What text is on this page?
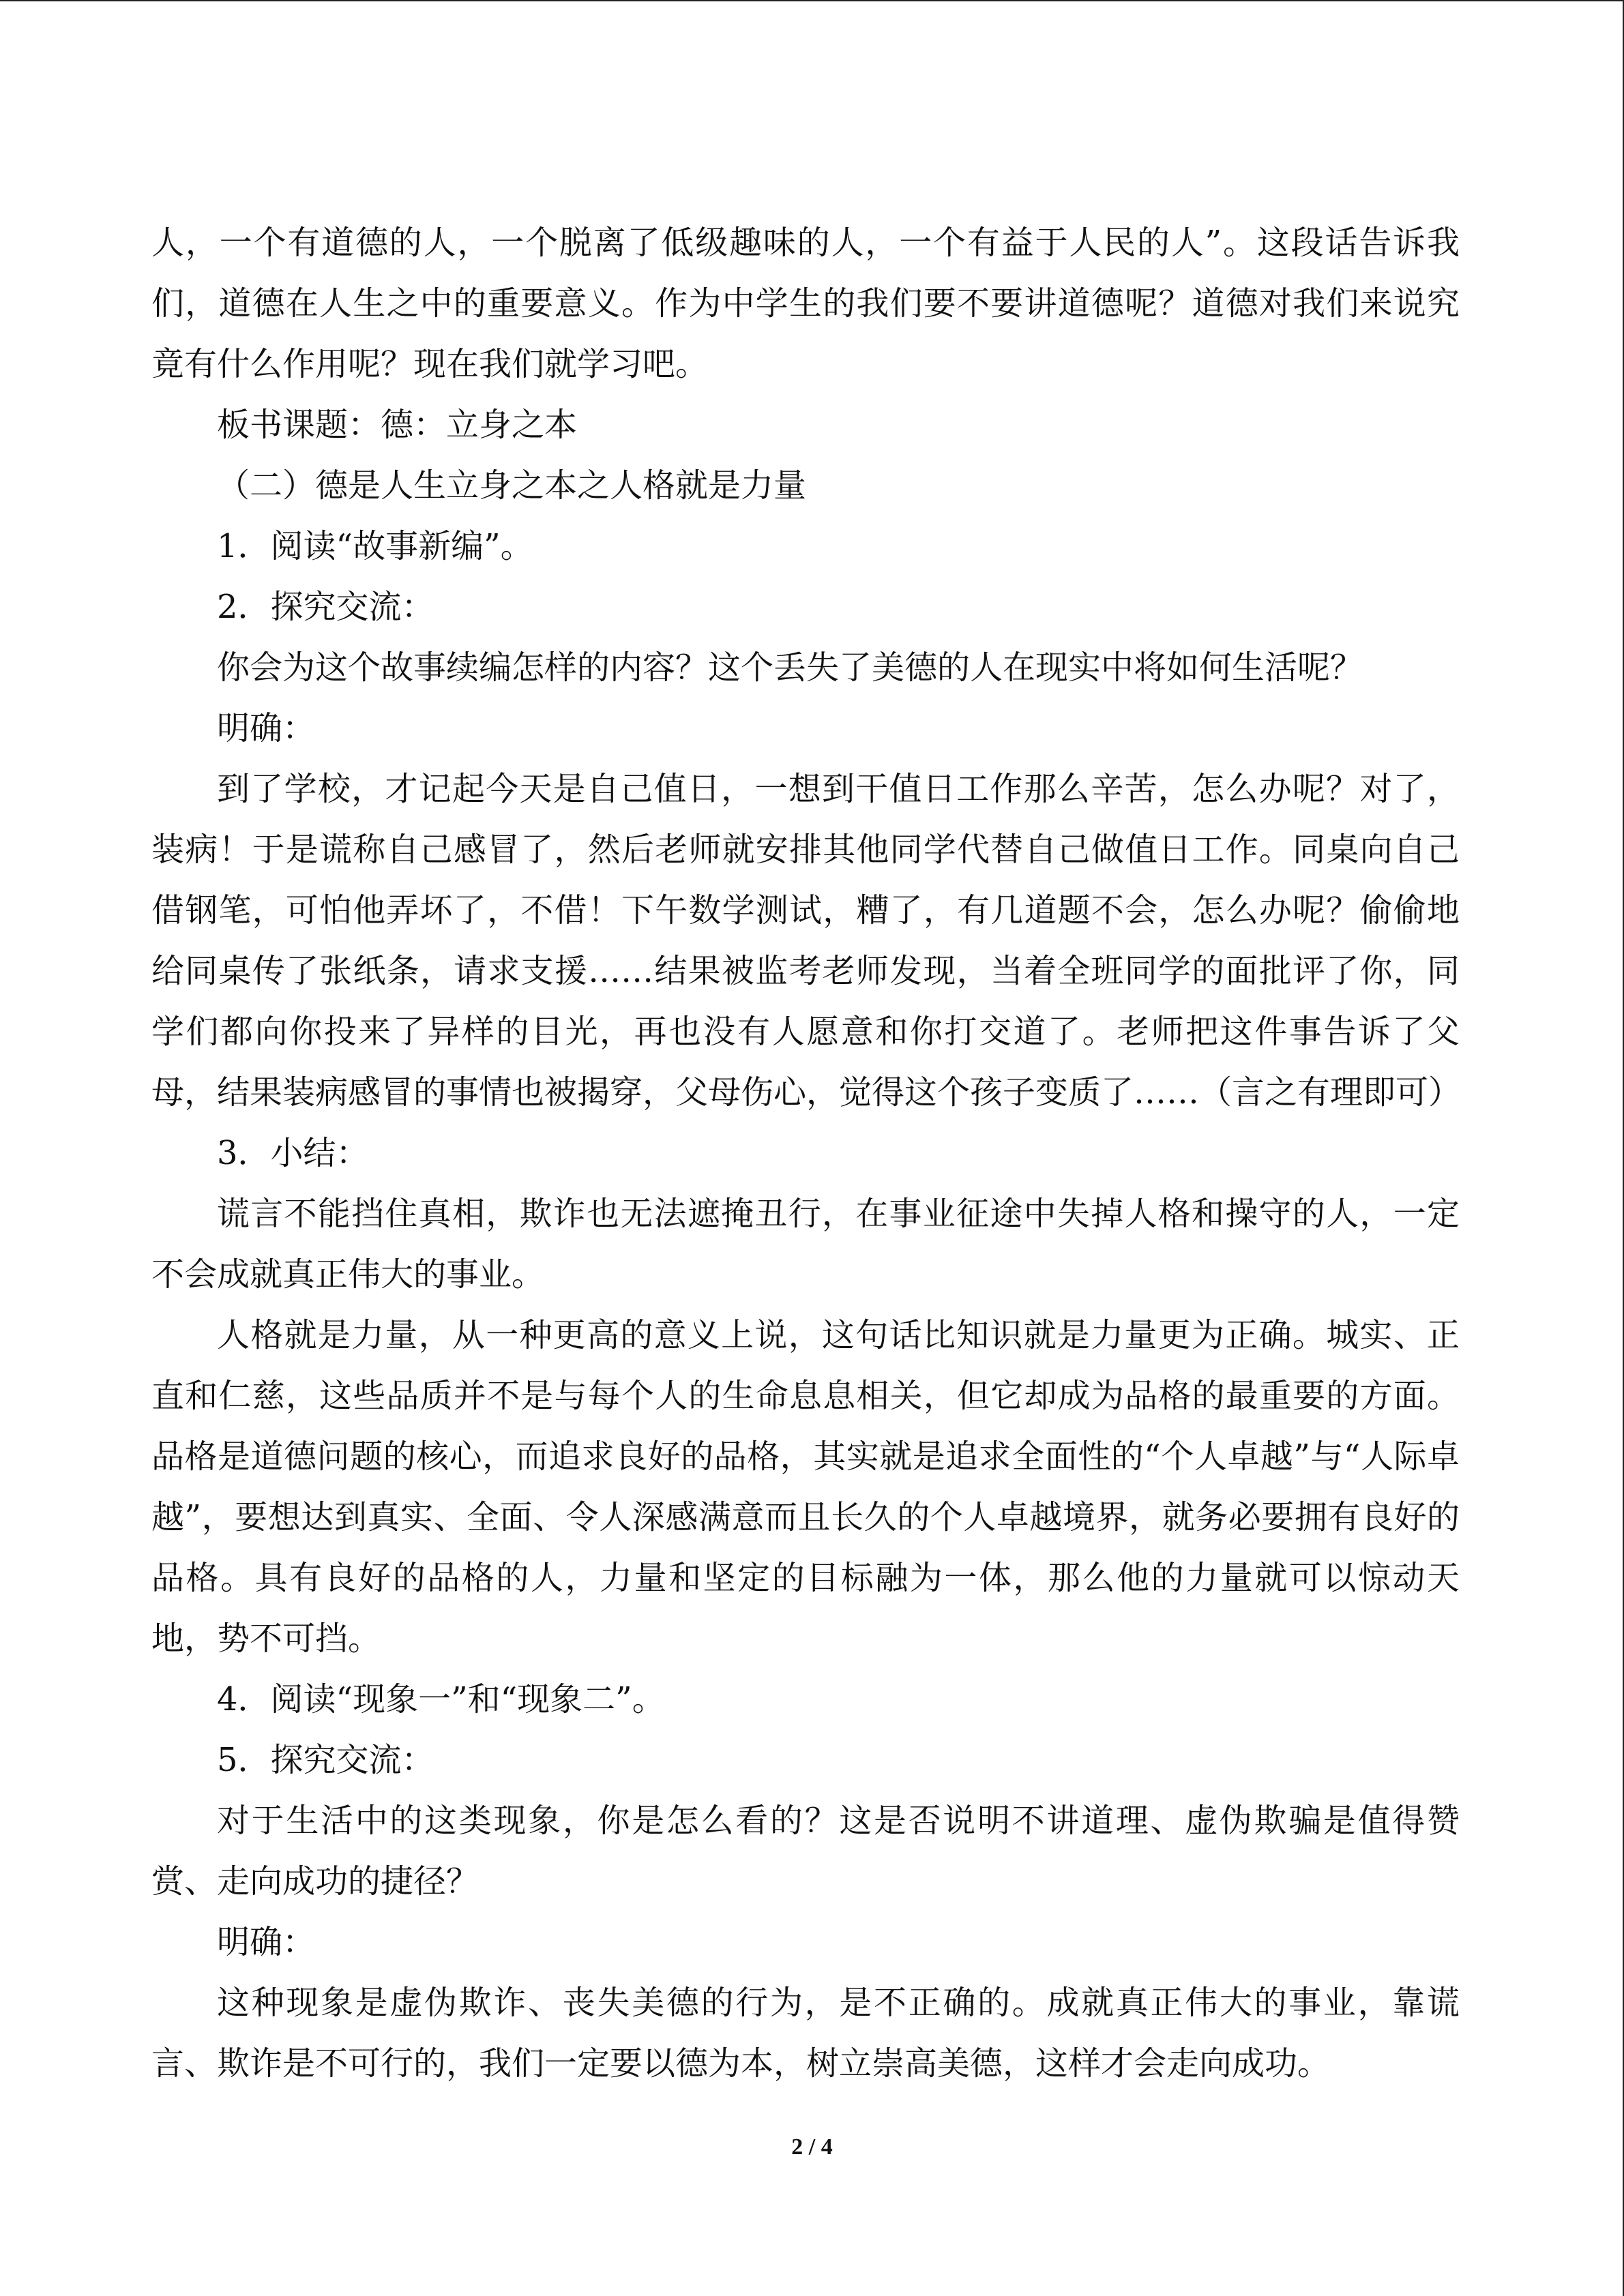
人，一个有道德的人，一个脱离了低级趣味的人，一个有益于人民的人”。这段话告诉我们，道德在人生之中的重要意义。作为中学生的我们要不要讲道德呢？道德对我们来说究竟有什么作用呢？现在我们就学习吧。

板书课题：德：立身之本

（二）德是人生立身之本之人格就是力量

1．阅读“故事新编”。

2．探究交流：

你会为这个故事续编怎样的内容？这个丢失了美德的人在现实中将如何生活呢？

明确：

到了学校，才记起今天是自己值日，一想到干值日工作那么辛苦，怎么办呢？对了，装病！于是谎称自己感冒了，然后老师就安排其他同学代替自己做值日工作。同桌向自己借钢笔，可怕他弄坏了，不借！下午数学测试，糟了，有几道题不会，怎么办呢？偷偷地给同桌传了张纸条，请求支援……结果被监考老师发现，当着全班同学的面批评了你，同学们都向你投来了异样的目光，再也没有人愿意和你打交道了。老师把这件事告诉了父母，结果装病感冒的事情也被揭穿，父母伤心，觉得这个孩子变质了……（言之有理即可）

3．小结：

谎言不能挡住真相，欺诈也无法遮掩丑行，在事业征途中失掉人格和操守的人，一定不会成就真正伟大的事业。

人格就是力量，从一种更高的意义上说，这句话比知识就是力量更为正确。城实、正直和仁慈，这些品质并不是与每个人的生命息息相关，但它却成为品格的最重要的方面。品格是道德问题的核心，而追求良好的品格，其实就是追求全面性的“个人卓越”与“人际卓越”，要想达到真实、全面、令人深感满意而且长久的个人卓越境界，就务必要拥有良好的品格。具有良好的品格的人，力量和坚定的目标融为一体，那么他的力量就可以惊动天地，势不可挡。

4．阅读“现象一”和“现象二”。

5．探究交流：

对于生活中的这类现象，你是怎么看的？这是否说明不讲道理、虚伪欺骗是值得赞赏、走向成功的捷径？

明确：

这种现象是虚伪欺诈、丧失美德的行为，是不正确的。成就真正伟大的事业，靠谎言、欺诈是不可行的，我们一定要以德为本，树立崇高美德，这样才会走向成功。

2 / 4
